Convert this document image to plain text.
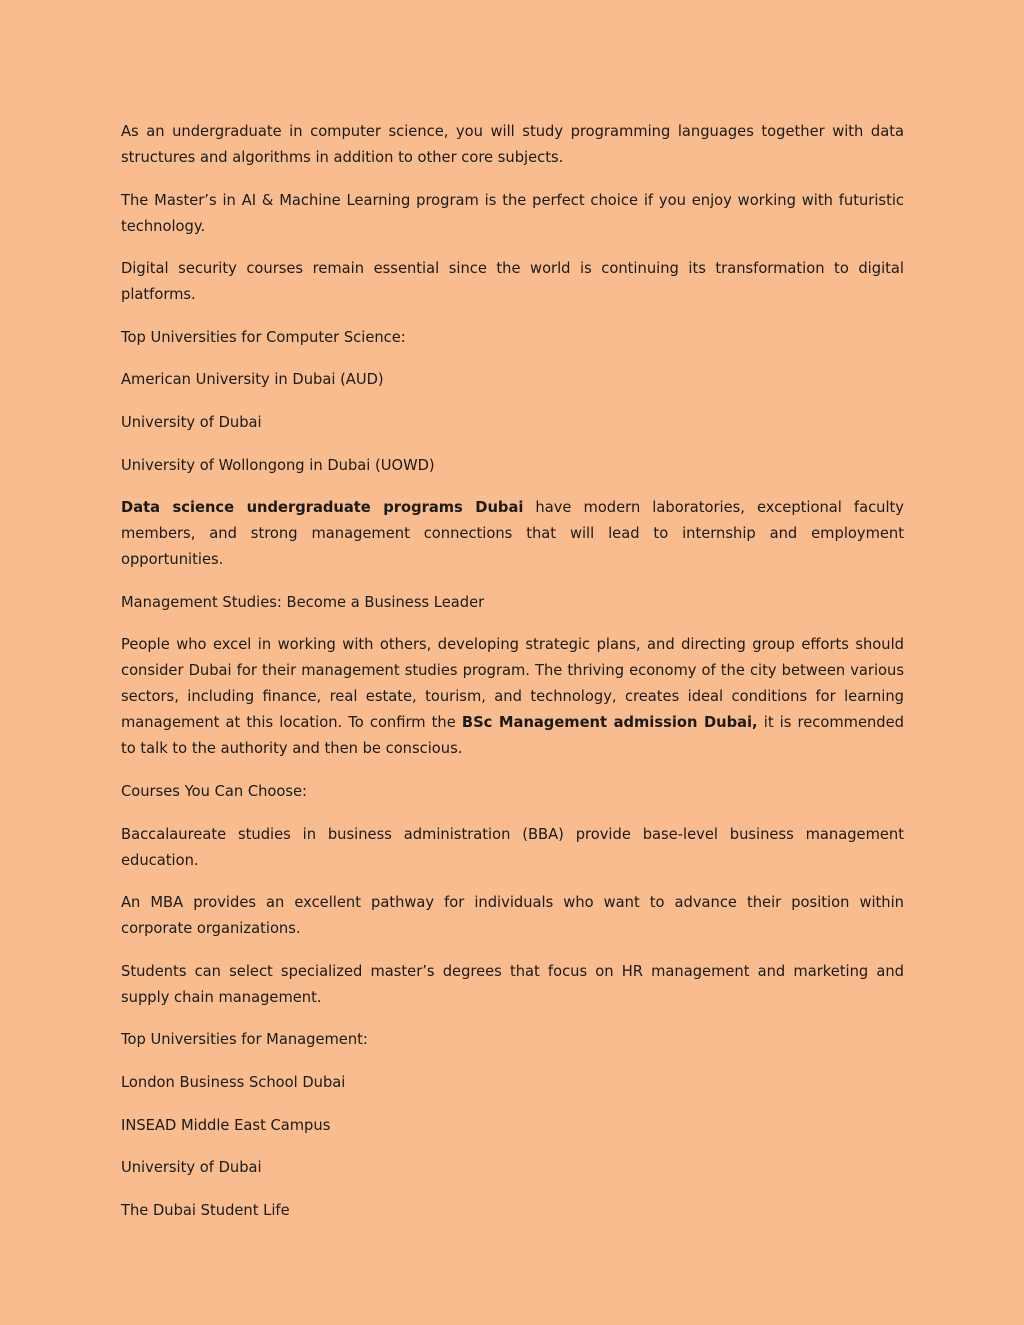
As an undergraduate in computer science, you will study programming languages together with data structures and algorithms in addition to other core subjects.

The Master’s in AI & Machine Learning program is the perfect choice if you enjoy working with futuristic technology.

Digital security courses remain essential since the world is continuing its transformation to digital platforms.

Top Universities for Computer Science:

American University in Dubai (AUD)

University of Dubai

University of Wollongong in Dubai (UOWD)

Data science undergraduate programs Dubai have modern laboratories, exceptional faculty members, and strong management connections that will lead to internship and employment opportunities.

Management Studies: Become a Business Leader

People who excel in working with others, developing strategic plans, and directing group efforts should consider Dubai for their management studies program. The thriving economy of the city between various sectors, including finance, real estate, tourism, and technology, creates ideal conditions for learning management at this location. To confirm the BSc Management admission Dubai, it is recommended to talk to the authority and then be conscious.

Courses You Can Choose:

Baccalaureate studies in business administration (BBA) provide base-level business management education.

An MBA provides an excellent pathway for individuals who want to advance their position within corporate organizations.

Students can select specialized master’s degrees that focus on HR management and marketing and supply chain management.

Top Universities for Management:

London Business School Dubai

INSEAD Middle East Campus

University of Dubai

The Dubai Student Life
